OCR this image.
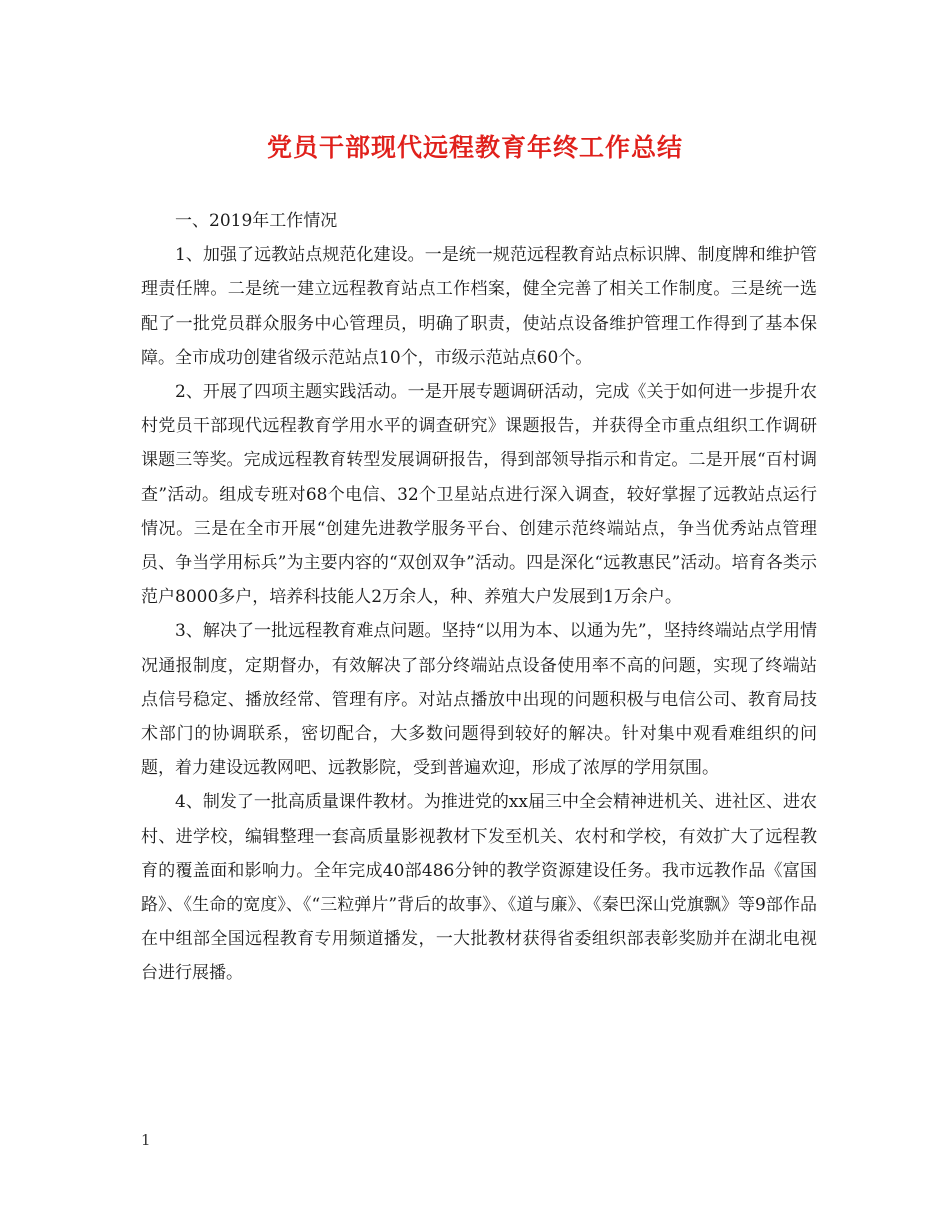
党员干部现代远程教育年终工作总结

一、2019年工作情况

1、加强了远教站点规范化建设。一是统一规范远程教育站点标识牌、制度牌和维护管理责任牌。二是统一建立远程教育站点工作档案，健全完善了相关工作制度。三是统一选配了一批党员群众服务中心管理员，明确了职责，使站点设备维护管理工作得到了基本保障。全市成功创建省级示范站点10个，市级示范站点60个。

2、开展了四项主题实践活动。一是开展专题调研活动，完成《关于如何进一步提升农村党员干部现代远程教育学用水平的调查研究》课题报告，并获得全市重点组织工作调研课题三等奖。完成远程教育转型发展调研报告，得到部领导指示和肯定。二是开展“百村调查”活动。组成专班对68个电信、32个卫星站点进行深入调查，较好掌握了远教站点运行情况。三是在全市开展“创建先进教学服务平台、创建示范终端站点，争当优秀站点管理员、争当学用标兵”为主要内容的“双创双争”活动。四是深化“远教惠民”活动。培育各类示范户8000多户，培养科技能人2万余人，种、养殖大户发展到1万余户。

3、解决了一批远程教育难点问题。坚持“以用为本、以通为先”，坚持终端站点学用情况通报制度，定期督办，有效解决了部分终端站点设备使用率不高的问题，实现了终端站点信号稳定、播放经常、管理有序。对站点播放中出现的问题积极与电信公司、教育局技术部门的协调联系，密切配合，大多数问题得到较好的解决。针对集中观看难组织的问题，着力建设远教网吧、远教影院，受到普遍欢迎，形成了浓厚的学用氛围。

4、制发了一批高质量课件教材。为推进党的xx届三中全会精神进机关、进社区、进农村、进学校，编辑整理一套高质量影视教材下发至机关、农村和学校，有效扩大了远程教育的覆盖面和影响力。全年完成40部486分钟的教学资源建设任务。我市远教作品《富国路》、《生命的宽度》、《“三粒弹片”背后的故事》、《道与廉》、《秦巴深山党旗飘》等9部作品在中组部全国远程教育专用频道播发，一大批教材获得省委组织部表彰奖励并在湖北电视台进行展播。

1
